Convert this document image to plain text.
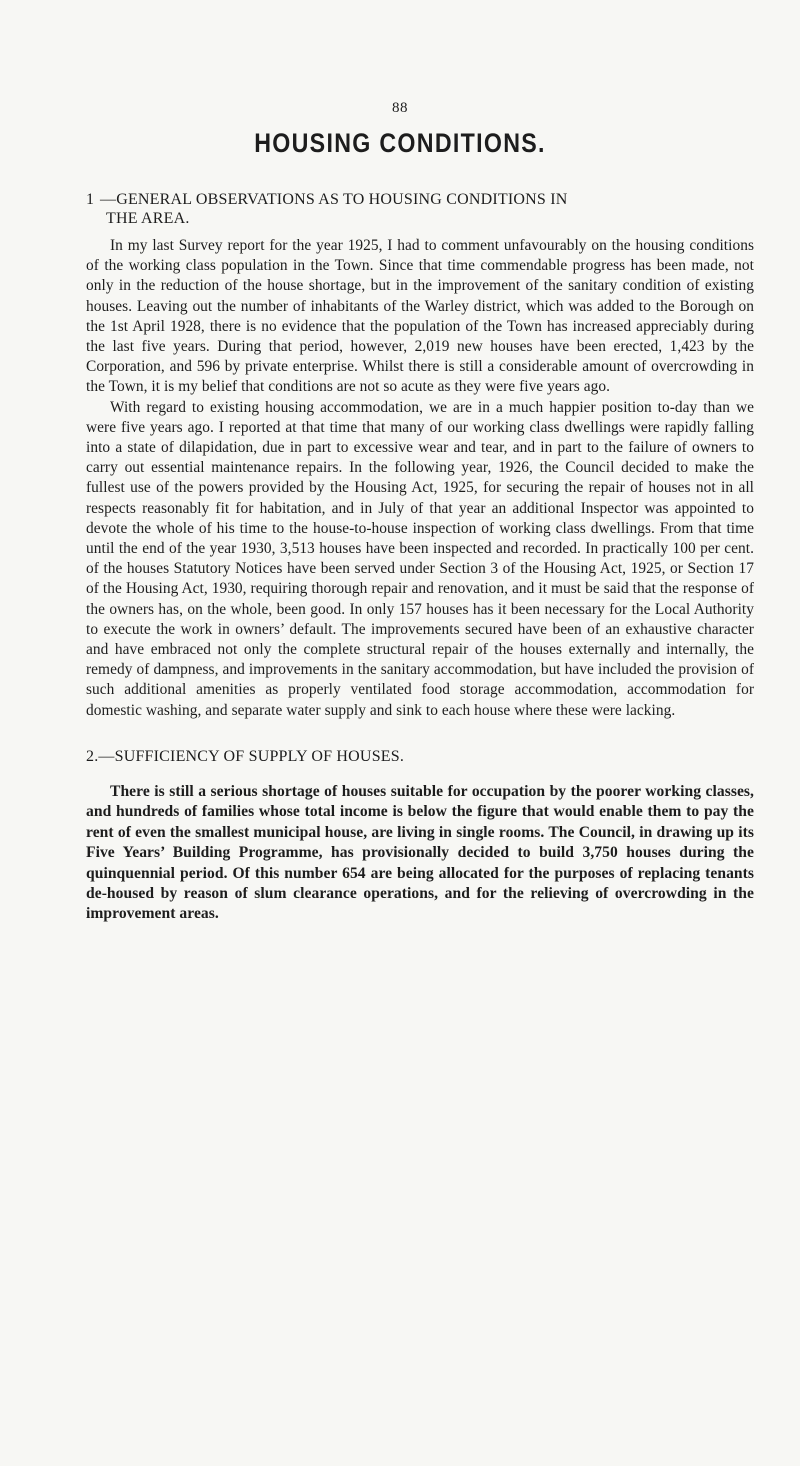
88
HOUSING CONDITIONS.
1 —GENERAL OBSERVATIONS AS TO HOUSING CONDITIONS IN
THE AREA.

In my last Survey report for the year 1925, I had to comment unfavourably on the housing conditions of the working class population in the Town. Since that time commendable progress has been made, not only in the reduction of the house shortage, but in the improvement of the sanitary condition of existing houses. Leaving out the number of inhabitants of the Warley district, which was added to the Borough on the 1st April 1928, there is no evidence that the population of the Town has increased appreciably during the last five years. During that period, however, 2,019 new houses have been erected, 1,423 by the Corporation, and 596 by private enterprise. Whilst there is still a considerable amount of overcrowding in the Town, it is my belief that conditions are not so acute as they were five years ago.

With regard to existing housing accommodation, we are in a much happier position to-day than we were five years ago. I reported at that time that many of our working class dwellings were rapidly falling into a state of dilapidation, due in part to excessive wear and tear, and in part to the failure of owners to carry out essential maintenance repairs. In the following year, 1926, the Council decided to make the fullest use of the powers provided by the Housing Act, 1925, for securing the repair of houses not in all respects reasonably fit for habitation, and in July of that year an additional Inspector was appointed to devote the whole of his time to the house-to-house inspection of working class dwellings. From that time until the end of the year 1930, 3,513 houses have been inspected and recorded. In practically 100 per cent. of the houses Statutory Notices have been served under Section 3 of the Housing Act, 1925, or Section 17 of the Housing Act, 1930, requiring thorough repair and renovation, and it must be said that the response of the owners has, on the whole, been good. In only 157 houses has it been necessary for the Local Authority to execute the work in owners’ default. The improvements secured have been of an exhaustive character and have embraced not only the complete structural repair of the houses externally and internally, the remedy of dampness, and improvements in the sanitary accommodation, but have included the provision of such additional amenities as properly ventilated food storage accommodation, accommodation for domestic washing, and separate water supply and sink to each house where these were lacking.

2.—SUFFICIENCY OF SUPPLY OF HOUSES.

There is still a serious shortage of houses suitable for occupation by the poorer working classes, and hundreds of families whose total income is below the figure that would enable them to pay the rent of even the smallest municipal house, are living in single rooms. The Council, in drawing up its Five Years’ Building Programme, has provisionally decided to build 3,750 houses during the quinquennial period. Of this number 654 are being allocated for the purposes of replacing tenants de-housed by reason of slum clearance operations, and for the relieving of overcrowding in the improvement areas.
